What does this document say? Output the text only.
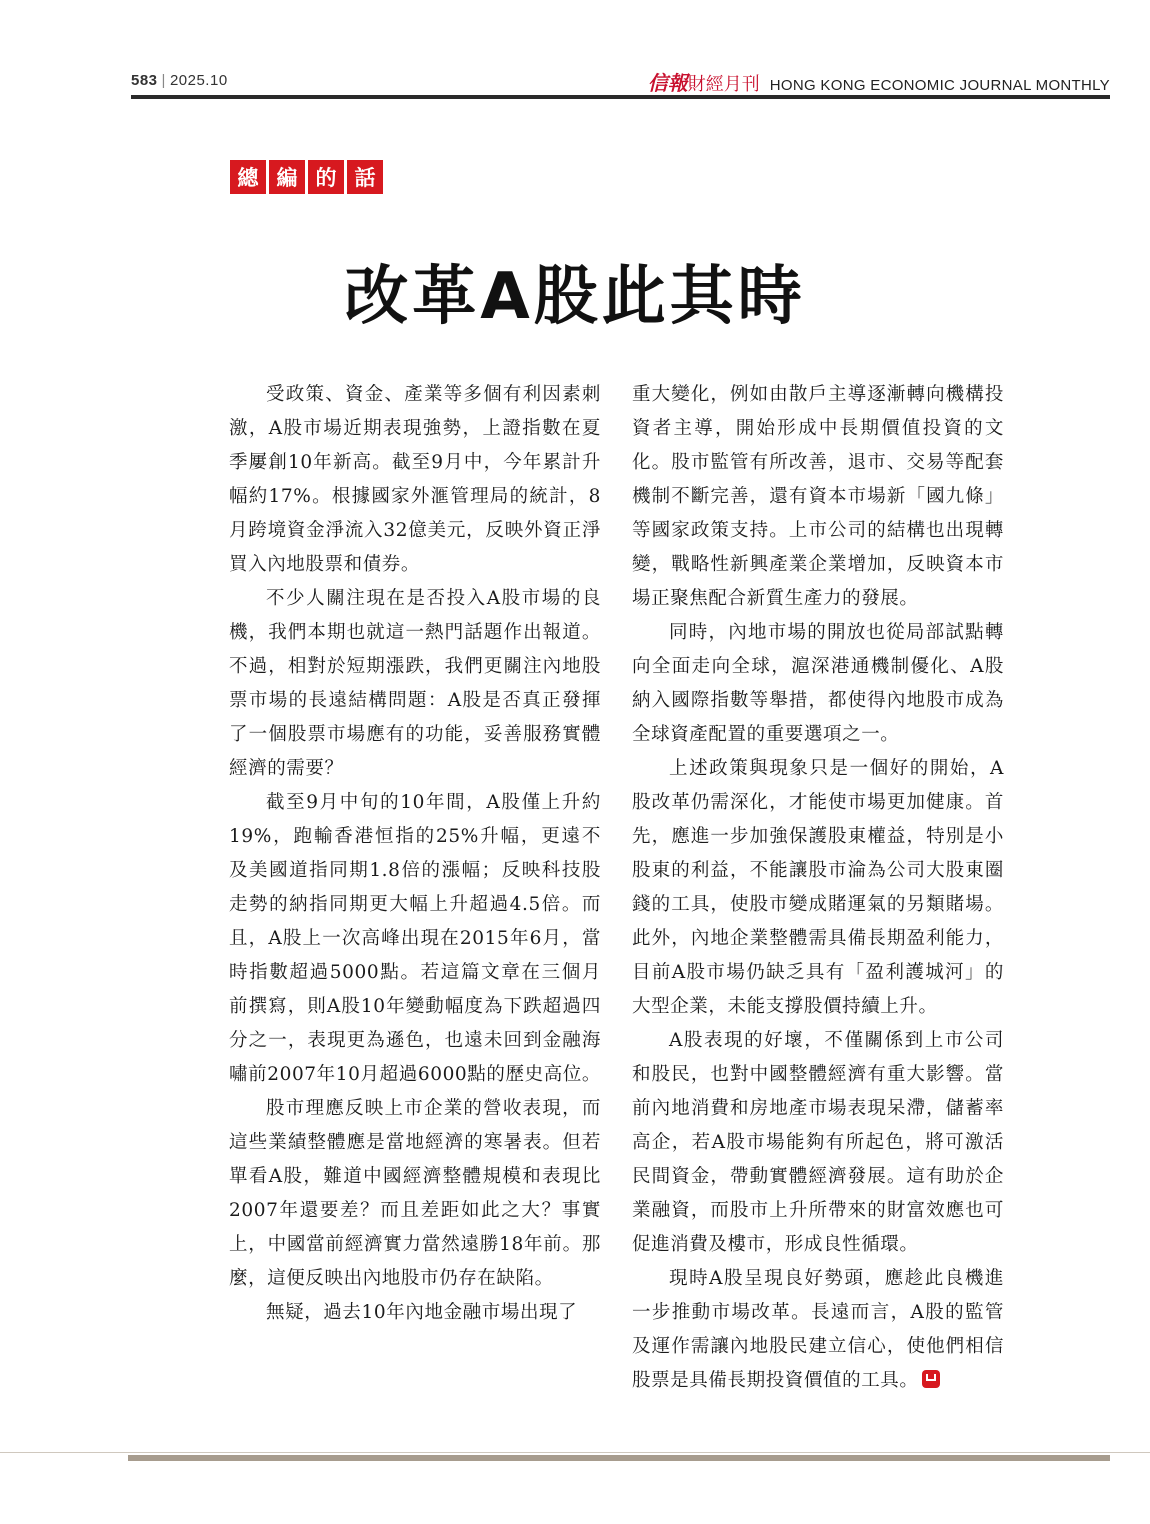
583 | 2025.10	信報 財經月刊 HONG KONG ECONOMIC JOURNAL MONTHLY
總 編 的 話
改革A股此其時

受政策、資金、產業等多個有利因素刺激，A股市場近期表現強勢，上證指數在夏季屢創10年新高。截至9月中，今年累計升幅約17%。根據國家外滙管理局的統計，8月跨境資金淨流入32億美元，反映外資正淨買入內地股票和債券。

不少人關注現在是否投入A股市場的良機，我們本期也就這一熱門話題作出報道。不過，相對於短期漲跌，我們更關注內地股票市場的長遠結構問題：A股是否真正發揮了一個股票市場應有的功能，妥善服務實體經濟的需要？

截至9月中旬的10年間，A股僅上升約19%，跑輸香港恒指的25%升幅，更遠不及美國道指同期1.8倍的漲幅；反映科技股走勢的納指同期更大幅上升超過4.5倍。而且，A股上一次高峰出現在2015年6月，當時指數超過5000點。若這篇文章在三個月前撰寫，則A股10年變動幅度為下跌超過四分之一，表現更為遜色，也遠未回到金融海嘯前2007年10月超過6000點的歷史高位。

股市理應反映上市企業的營收表現，而這些業績整體應是當地經濟的寒暑表。但若單看A股，難道中國經濟整體規模和表現比2007年還要差？而且差距如此之大？事實上，中國當前經濟實力當然遠勝18年前。那麼，這便反映出內地股市仍存在缺陷。

無疑，過去10年內地金融市場出現了

重大變化，例如由散戶主導逐漸轉向機構投資者主導，開始形成中長期價值投資的文化。股市監管有所改善，退市、交易等配套機制不斷完善，還有資本市場新「國九條」等國家政策支持。上市公司的結構也出現轉變，戰略性新興產業企業增加，反映資本市場正聚焦配合新質生產力的發展。

同時，內地市場的開放也從局部試點轉向全面走向全球，滬深港通機制優化、A股納入國際指數等舉措，都使得內地股市成為全球資產配置的重要選項之一。

上述政策與現象只是一個好的開始，A股改革仍需深化，才能使市場更加健康。首先，應進一步加強保護股東權益，特別是小股東的利益，不能讓股市淪為公司大股東圈錢的工具，使股市變成賭運氣的另類賭場。此外，內地企業整體需具備長期盈利能力，目前A股市場仍缺乏具有「盈利護城河」的大型企業，未能支撐股價持續上升。

A股表現的好壞，不僅關係到上市公司和股民，也對中國整體經濟有重大影響。當前內地消費和房地產市場表現呆滯，儲蓄率高企，若A股市場能夠有所起色，將可激活民間資金，帶動實體經濟發展。這有助於企業融資，而股市上升所帶來的財富效應也可促進消費及樓市，形成良性循環。

現時A股呈現良好勢頭，應趁此良機進一步推動市場改革。長遠而言，A股的監管及運作需讓內地股民建立信心，使他們相信股票是具備長期投資價值的工具。
